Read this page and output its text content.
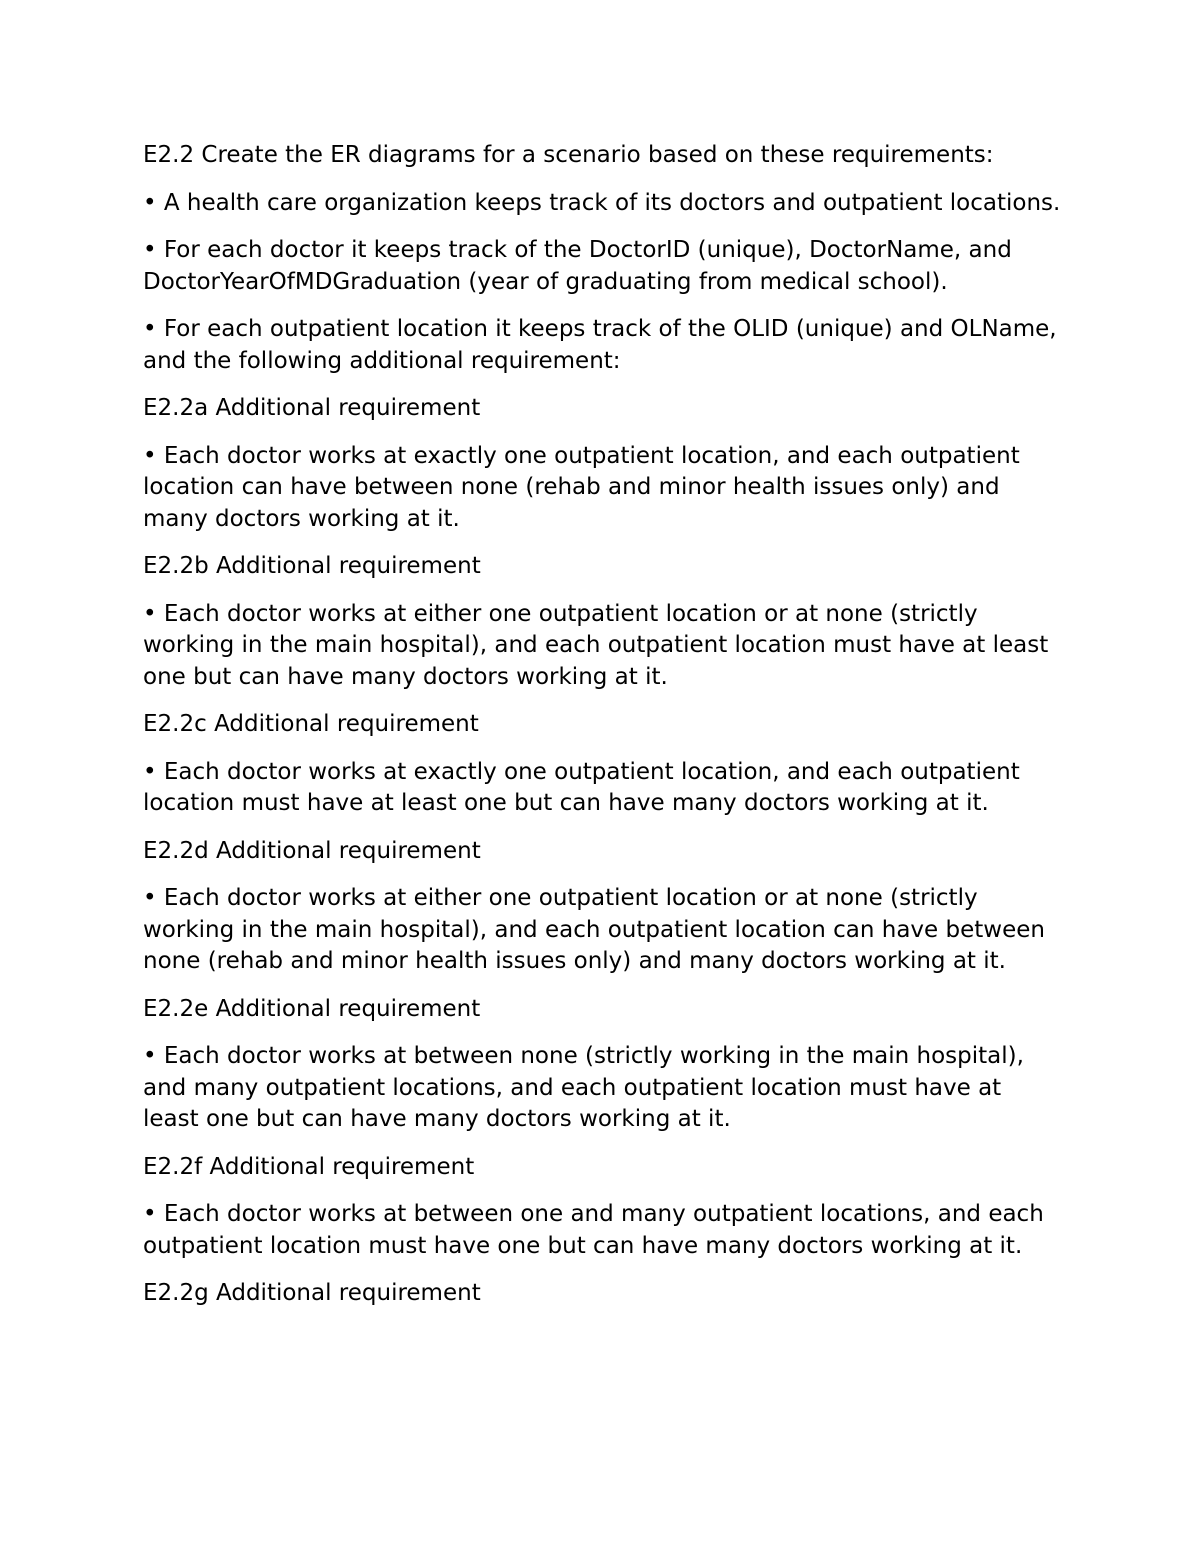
E2.2 Create the ER diagrams for a scenario based on these requirements:

• A health care organization keeps track of its doctors and outpatient locations.

• For each doctor it keeps track of the DoctorID (unique), DoctorName, and DoctorYearOfMDGraduation (year of graduating from medical school).

• For each outpatient location it keeps track of the OLID (unique) and OLName, and the following additional requirement:

E2.2a Additional requirement

• Each doctor works at exactly one outpatient location, and each outpatient location can have between none (rehab and minor health issues only) and many doctors working at it.

E2.2b Additional requirement

• Each doctor works at either one outpatient location or at none (strictly working in the main hospital), and each outpatient location must have at least one but can have many doctors working at it.

E2.2c Additional requirement

• Each doctor works at exactly one outpatient location, and each outpatient location must have at least one but can have many doctors working at it.

E2.2d Additional requirement

• Each doctor works at either one outpatient location or at none (strictly working in the main hospital), and each outpatient location can have between none (rehab and minor health issues only) and many doctors working at it.

E2.2e Additional requirement

• Each doctor works at between none (strictly working in the main hospital), and many outpatient locations, and each outpatient location must have at least one but can have many doctors working at it.

E2.2f Additional requirement

• Each doctor works at between one and many outpatient locations, and each outpatient location must have one but can have many doctors working at it.

E2.2g Additional requirement
